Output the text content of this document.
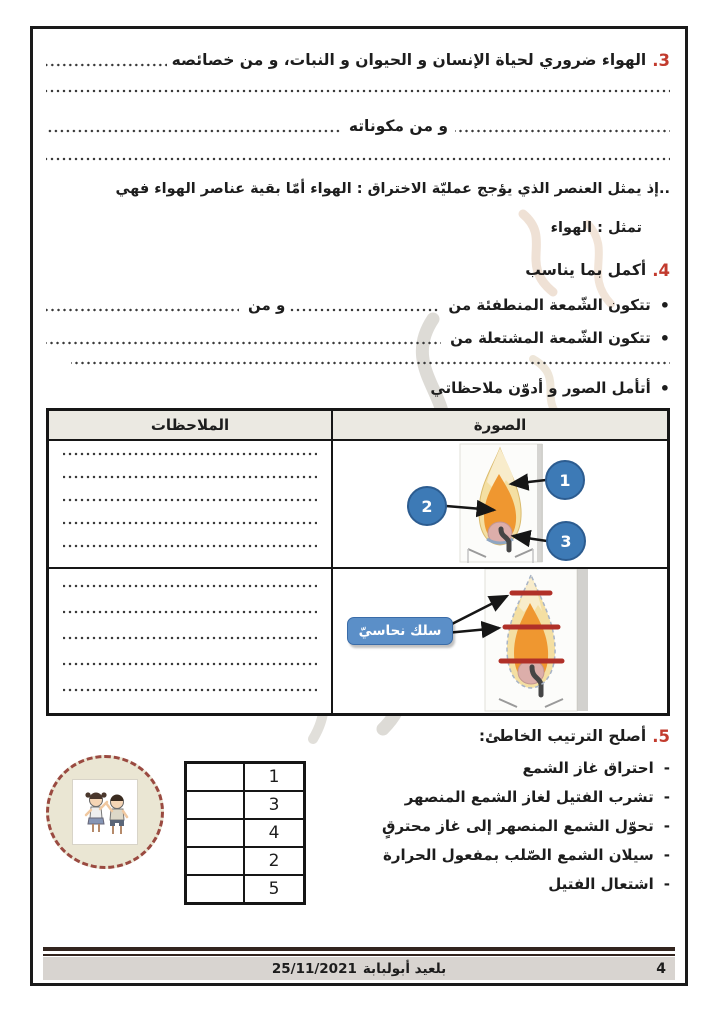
3.
الهواء ضروري لحياة الإنسان و الحيوان و النبات، و من خصائصه
و من مكوناته
..إذ يمثل العنصر الذي يؤجج عمليّة الاختراق : الهواء أمّا بقية عناصر الهواء فهي
تمثل : الهواء
4.
أكمل بما يناسب
• تتكون الشّمعة المنطفئة من
و من
• تتكون الشّمعة المشتعلة من
• أتأمل الصور و أدوّن ملاحظاتي
الصورة
الملاحظات
1
2
3
سلك نحاسيّ
5.
أصلح الترتيب الخاطئ:
- احتراق غاز الشمع
- تشرب الفتيل لغاز الشمع المنصهر
- تحوّل الشمع المنصهر إلى غاز محترقٍ
- سيلان الشمع الصّلب بمفعول الحرارة
- اشتعال الفتيل
1
3
4
2
5
بلعيد أبولبابة
25/11/2021	4
